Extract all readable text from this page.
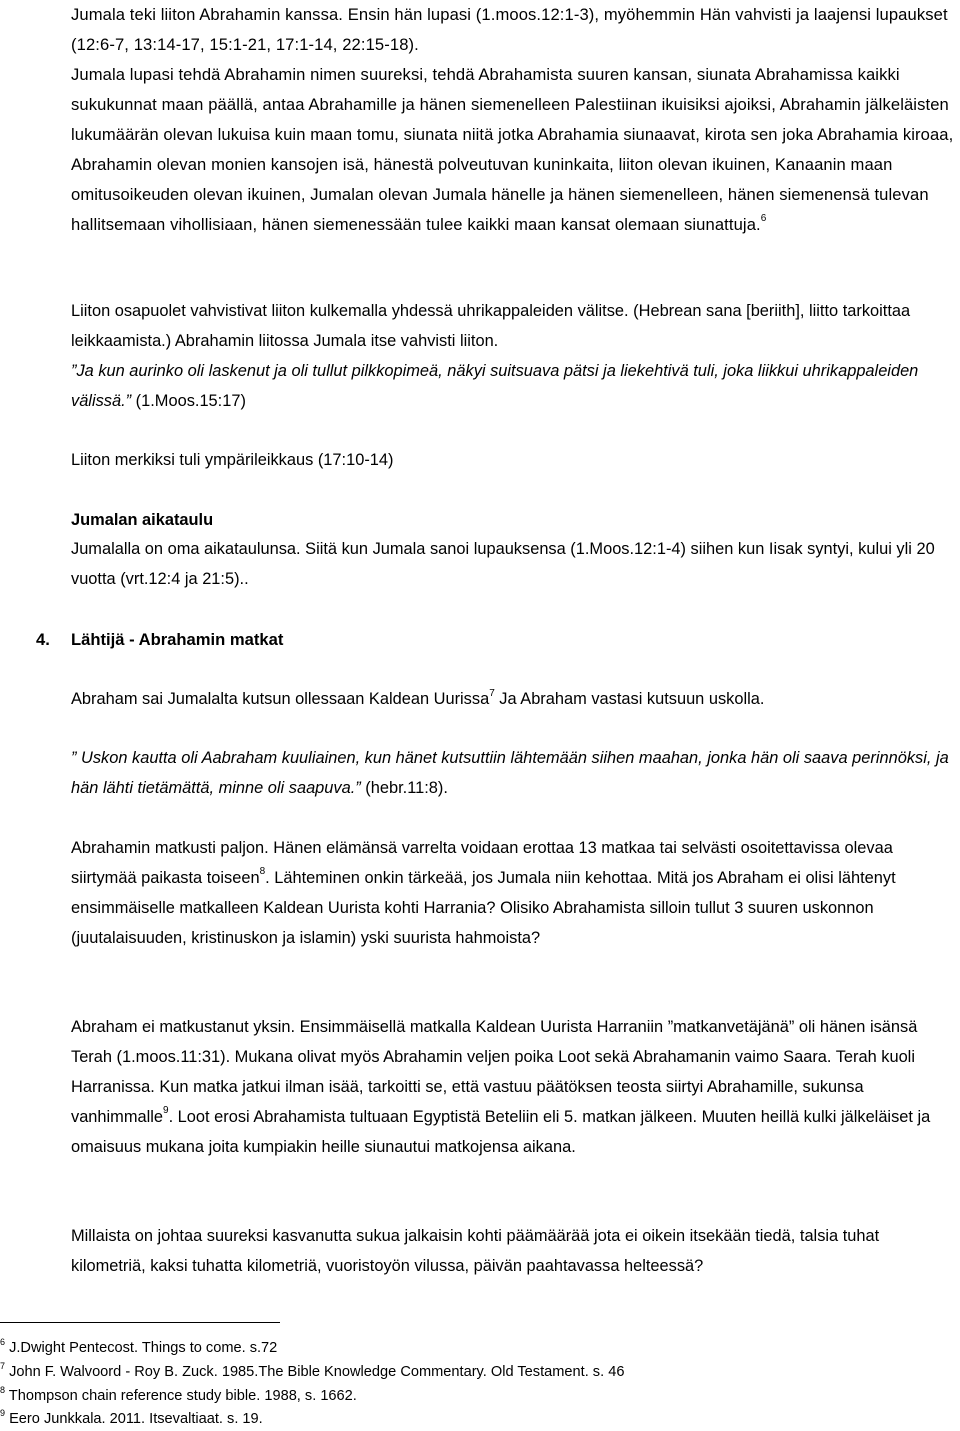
Jumala teki liiton Abrahamin kanssa. Ensin hän lupasi (1.moos.12:1-3), myöhemmin Hän vahvisti ja laajensi lupaukset (12:6-7, 13:14-17, 15:1-21, 17:1-14, 22:15-18).

Jumala lupasi tehdä Abrahamin nimen suureksi, tehdä Abrahamista suuren kansan, siunata Abrahamissa kaikki sukukunnat maan päällä, antaa Abrahamille ja hänen siemenelleen Palestiinan ikuisiksi ajoiksi, Abrahamin jälkeläisten lukumäärän olevan lukuisa kuin maan tomu, siunata niitä jotka Abrahamia siunaavat, kirota sen joka Abrahamia kiroaa, Abrahamin olevan monien kansojen isä, hänestä polveutuvan kuninkaita, liiton olevan ikuinen, Kanaanin maan omitusoikeuden olevan ikuinen, Jumalan olevan Jumala hänelle ja hänen siemenelleen, hänen siemenensä tulevan hallitsemaan vihollisiaan, hänen siemenessään tulee kaikki maan kansat olemaan siunattuja.$^6$

Liiton osapuolet vahvistivat liiton kulkemalla yhdessä uhrikappaleiden välitse. (Hebrean sana [beriith], liitto tarkoittaa leikkaamista.) Abrahamin liitossa Jumala itse vahvisti liiton.

”Ja kun aurinko oli laskenut ja oli tullut pilkkopimeä, näkyi suitsuava pätsi ja liekehtivä tuli, joka liikkui uhrikappaleiden välissä.” (1.Moos.15:17)

Liiton merkiksi tuli ympärileikkaus (17:10-14)

Jumalan aikataulu

Jumalalla on oma aikataulunsa. Siitä kun Jumala sanoi lupauksensa (1.Moos.12:1-4) siihen kun Iisak syntyi, kului yli 20 vuotta (vrt.12:4 ja 21:5)..

4. Lähtijä - Abrahamin matkat

Abraham sai Jumalalta kutsun ollessaan Kaldean Uurissa$^7$ Ja Abraham vastasi kutsuun uskolla.

” Uskon kautta oli Aabraham kuuliainen, kun hänet kutsuttiin lähtemään siihen maahan, jonka hän oli saava perinnöksi, ja hän lähti tietämättä, minne oli saapuva.” (hebr.11:8).

Abrahamin matkusti paljon. Hänen elämänsä varrelta voidaan erottaa 13 matkaa tai selvästi osoitettavissa olevaa siirtymää paikasta toiseen$^8$. Lähteminen onkin tärkeää, jos Jumala niin kehottaa. Mitä jos Abraham ei olisi lähtenyt ensimmäiselle matkalleen Kaldean Uurista kohti Harrania? Olisiko Abrahamista silloin tullut 3 suuren uskonnon (juutalaisuuden, kristinuskon ja islamin) yski suurista hahmoista?

Abraham ei matkustanut yksin. Ensimmäisellä matkalla Kaldean Uurista Harraniin ”matkanvetäjänä” oli hänen isänsä Terah (1.moos.11:31). Mukana olivat myös Abrahamin veljen poika Loot sekä Abrahamanin vaimo Saara. Terah kuoli Harranissa. Kun matka jatkui ilman isää, tarkoitti se, että vastuu päätöksen teosta siirtyi Abrahamille, sukunsa vanhimmalle$^9$. Loot erosi Abrahamista tultuaan Egyptistä Beteliin eli 5. matkan jälkeen. Muuten heillä kulki jälkeläiset ja omaisuus mukana joita kumpiakin heille siunautui matkojensa aikana.

Millaista on johtaa suureksi kasvanutta sukua jalkaisin kohti päämäärää jota ei oikein itsekään tiedä, talsia tuhat kilometriä, kaksi tuhatta kilometriä, vuoristoyön vilussa, päivän paahtavassa helteessä?

$^6$ J.Dwight Pentecost. Things to come. s.72
$^7$ John F. Walvoord - Roy B. Zuck. 1985.The Bible Knowledge Commentary. Old Testament. s. 46
$^8$ Thompson chain reference study bible. 1988, s. 1662.
$^9$ Eero Junkkala. 2011. Itsevaltiaat. s. 19.
